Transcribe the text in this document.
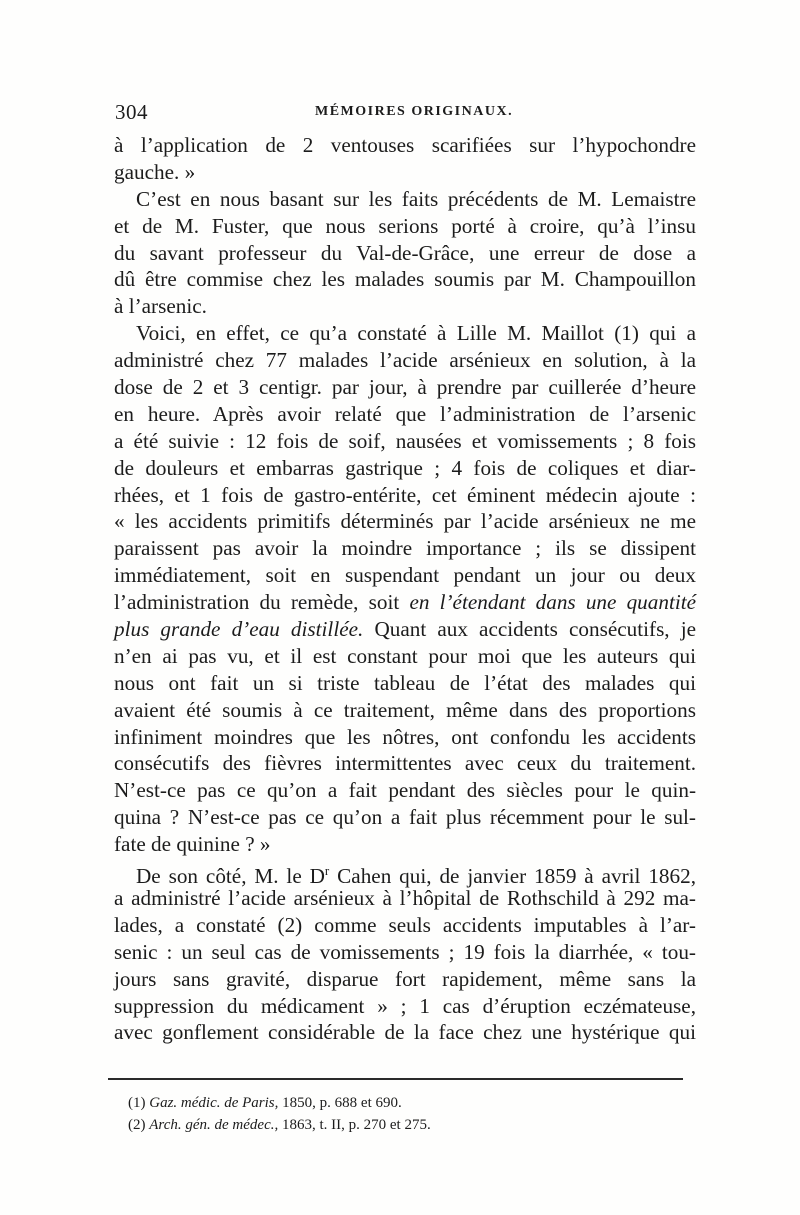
304	MÉMOIRES ORIGINAUX.
à l’application de 2 ventouses scarifiées sur l’hypochondre
gauche. »
C’est en nous basant sur les faits précédents de M. Lemaistre
et de M. Fuster, que nous serions porté à croire, qu’à l’insu
du savant professeur du Val-de-Grâce, une erreur de dose a
dû être commise chez les malades soumis par M. Champouillon
à l’arsenic.
Voici, en effet, ce qu’a constaté à Lille M. Maillot (1) qui a
administré chez 77 malades l’acide arsénieux en solution, à la
dose de 2 et 3 centigr. par jour, à prendre par cuillerée d’heure
en heure. Après avoir relaté que l’administration de l’arsenic
a été suivie : 12 fois de soif, nausées et vomissements ; 8 fois
de douleurs et embarras gastrique ; 4 fois de coliques et diar-
rhées, et 1 fois de gastro-entérite, cet éminent médecin ajoute :
« les accidents primitifs déterminés par l’acide arsénieux ne me
paraissent pas avoir la moindre importance ; ils se dissipent
immédiatement, soit en suspendant pendant un jour ou deux
l’administration du remède, soit en l’étendant dans une quantité
plus grande d’eau distillée. Quant aux accidents consécutifs, je
n’en ai pas vu, et il est constant pour moi que les auteurs qui
nous ont fait un si triste tableau de l’état des malades qui
avaient été soumis à ce traitement, même dans des proportions
infiniment moindres que les nôtres, ont confondu les accidents
consécutifs des fièvres intermittentes avec ceux du traitement.
N’est-ce pas ce qu’on a fait pendant des siècles pour le quin-
quina ? N’est-ce pas ce qu’on a fait plus récemment pour le sul-
fate de quinine ? »
De son côté, M. le $D^r$ Cahen qui, de janvier 1859 à avril 1862,
a administré l’acide arsénieux à l’hôpital de Rothschild à 292 ma-
lades, a constaté (2) comme seuls accidents imputables à l’ar-
senic : un seul cas de vomissements ; 19 fois la diarrhée, « tou-
jours sans gravité, disparue fort rapidement, même sans la
suppression du médicament » ; 1 cas d’éruption eczémateuse,
avec gonflement considérable de la face chez une hystérique qui
(1) Gaz. médic. de Paris, 1850, p. 688 et 690.
(2) Arch. gén. de médec., 1863, t. II, p. 270 et 275.
